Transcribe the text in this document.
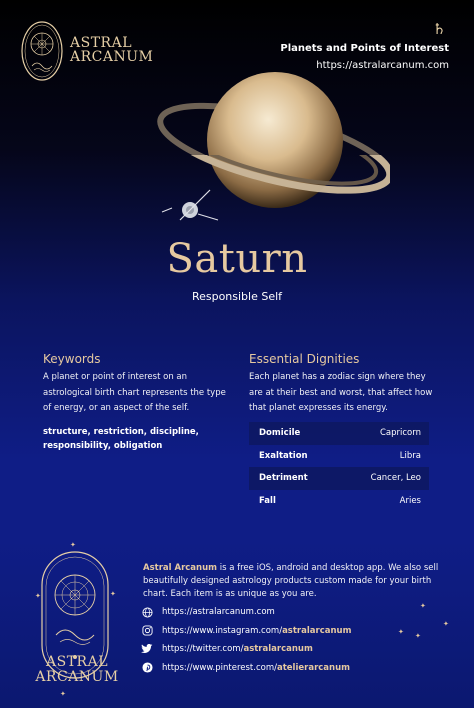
ASTRAL
ARCANUM
♄
Planets and Points of Interest
https://astralarcanum.com
Saturn
Responsible Self
Keywords
A planet or point of interest on an astrological birth chart represents the type of energy, or an aspect of the self.
structure, restriction, discipline,
responsibility, obligation
Essential Dignities
Each planet has a zodiac sign where they are at their best and worst, that affect how that planet expresses its energy.
Domicile	Capricorn
Exaltation	Libra
Detriment	Cancer, Leo
Fall	Aries
✦
✦	✦
✦
✦
✦
✦
✦
ASTRAL
ARCANUM
Astral Arcanum is a free iOS, android and desktop app. We also sell beautifully designed astrology products custom made for your birth chart. Each item is as unique as you are.
https://astralarcanum.com
https://www.instagram.com/ astralarcanum
https://twitter.com/ astralarcanum
https://www.pinterest.com/ atelierarcanum
